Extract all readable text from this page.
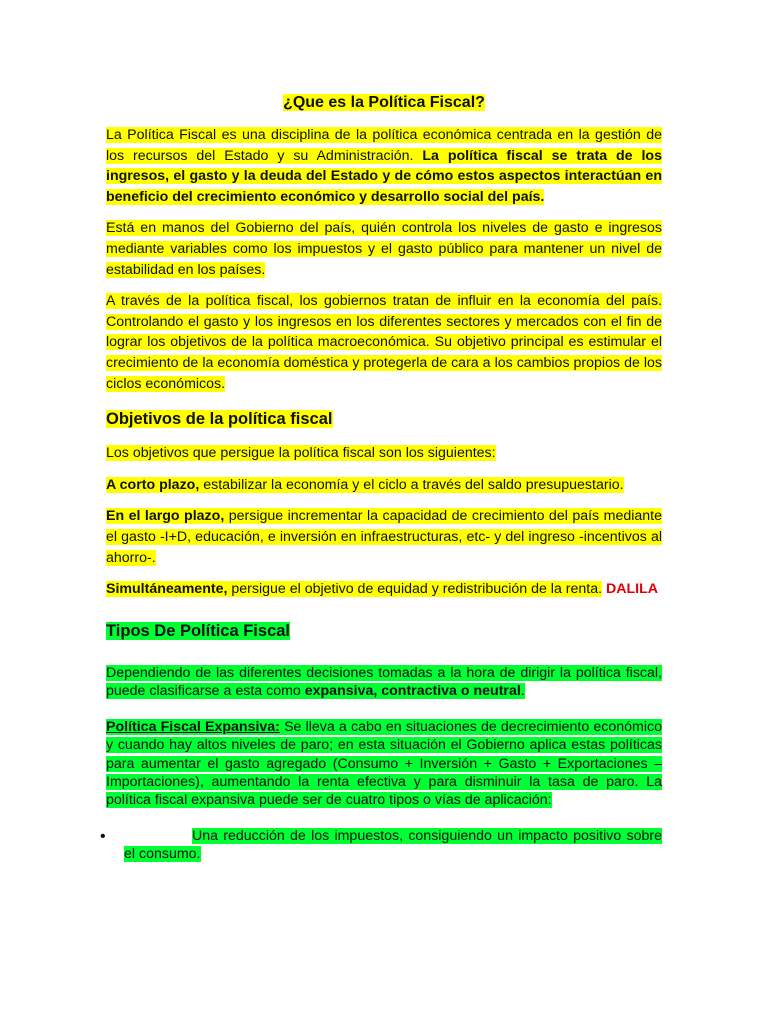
¿Que es la Política Fiscal?

La Política Fiscal es una disciplina de la política económica centrada en la gestión de los recursos del Estado y su Administración. La política fiscal se trata de los ingresos, el gasto y la deuda del Estado y de cómo estos aspectos interactúan en beneficio del crecimiento económico y desarrollo social del país.

Está en manos del Gobierno del país, quién controla los niveles de gasto e ingresos mediante variables como los impuestos y el gasto público para mantener un nivel de estabilidad en los países.

A través de la política fiscal, los gobiernos tratan de influir en la economía del país. Controlando el gasto y los ingresos en los diferentes sectores y mercados con el fin de lograr los objetivos de la política macroeconómica. Su objetivo principal es estimular el crecimiento de la economía doméstica y protegerla de cara a los cambios propios de los ciclos económicos.

Objetivos de la política fiscal

Los objetivos que persigue la política fiscal son los siguientes:

A corto plazo, estabilizar la economía y el ciclo a través del saldo presupuestario.

En el largo plazo, persigue incrementar la capacidad de crecimiento del país mediante el gasto -I+D, educación, e inversión en infraestructuras, etc- y del ingreso -incentivos al ahorro-.

Simultáneamente, persigue el objetivo de equidad y redistribución de la renta. DALILA

Tipos De Política Fiscal

Dependiendo de las diferentes decisiones tomadas a la hora de dirigir la política fiscal, puede clasificarse a esta como expansiva, contractiva o neutral.

Política Fiscal Expansiva: Se lleva a cabo en situaciones de decrecimiento económico y cuando hay altos niveles de paro; en esta situación el Gobierno aplica estas políticas para aumentar el gasto agregado (Consumo + Inversión + Gasto + Exportaciones – Importaciones), aumentando la renta efectiva y para disminuir la tasa de paro. La política fiscal expansiva puede ser de cuatro tipos o vías de aplicación:

•	Una reducción de los impuestos, consiguiendo un impacto positivo sobre el consumo.
